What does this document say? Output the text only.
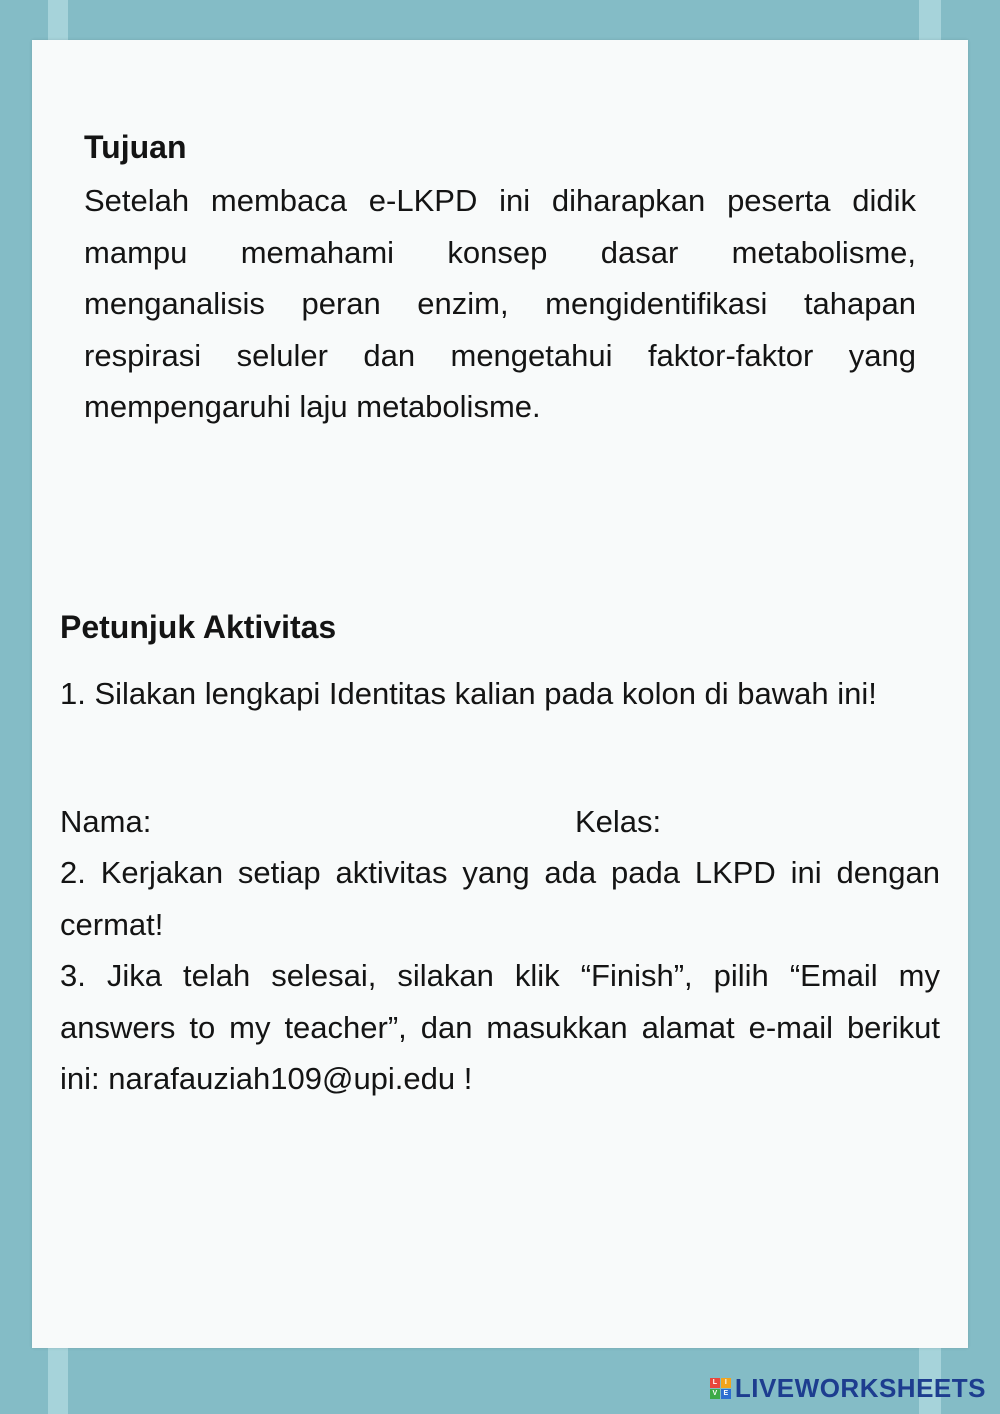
Tujuan

Setelah membaca e-LKPD ini diharapkan peserta didik mampu memahami konsep dasar metabolisme, menganalisis peran enzim, mengidentifikasi tahapan respirasi seluler dan mengetahui faktor-faktor yang mempengaruhi laju metabolisme.

Petunjuk Aktivitas

1. Silakan lengkapi Identitas kalian pada kolon di bawah ini!

Nama:	Kelas:

2. Kerjakan setiap aktivitas yang ada pada LKPD ini dengan cermat!

3. Jika telah selesai, silakan klik “Finish”, pilih “Email my answers to my teacher”, dan masukkan alamat e-mail berikut ini: narafauziah109@upi.edu !

L	I
V E LIVEWORKSHEETS
